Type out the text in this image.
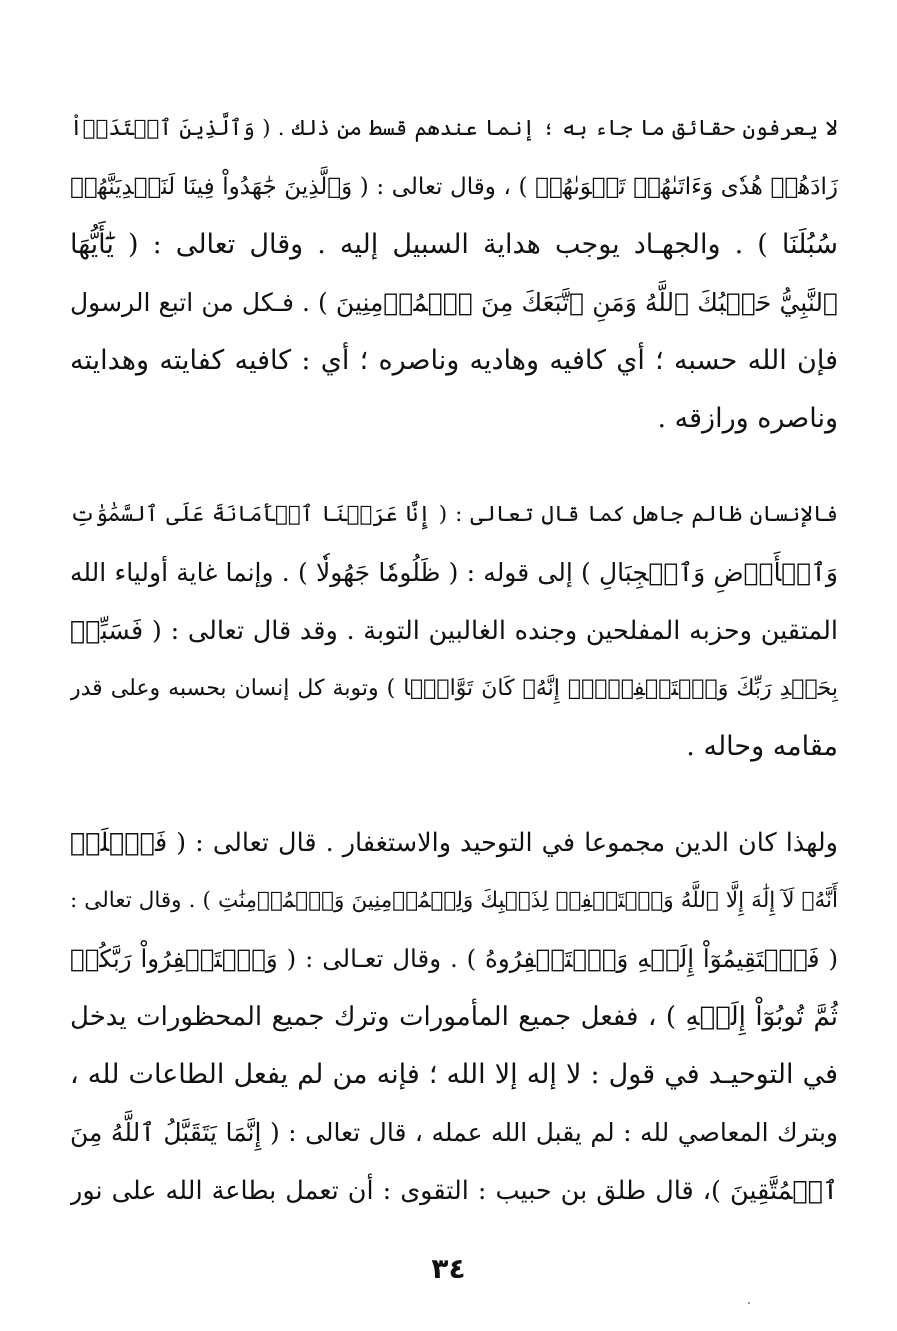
لا يعرفون حقائق ما جاء به ؛ إنما عندهم قسط من ذلك . ( وَٱلَّذِينَ ٱهۡتَدَوۡاْ
زَادَهُمۡ هُدٗى وَءَاتَىٰهُمۡ تَقۡوَىٰهُمۡ ) ، وقال تعالى : ( وَٱلَّذِينَ جَٰهَدُواْ فِينَا لَنَهۡدِيَنَّهُمۡ
سُبُلَنَا ) . والجهـاد يوجب هداية السبيل إليه . وقال تعالى : ( يَٰٓأَيُّهَا
ٱلنَّبِيُّ حَسۡبُكَ ٱللَّهُ وَمَنِ ٱتَّبَعَكَ مِنَ ٱلۡمُؤۡمِنِينَ ) . فـكل من اتبع الرسول
فإن الله حسبه ؛ أي كافيه وهاديه وناصره ؛ أي : كافيه كفايته وهدايته
وناصره ورازقه .
فالإنسان ظالم جاهل كما قال تعالى : ( إِنَّا عَرَضۡنَا ٱلۡأَمَانَةَ عَلَى ٱلسَّمَٰوَٰتِ
وَٱلۡأَرۡضِ وَٱلۡجِبَالِ ) إلى قوله : ( ظَلُومٗا جَهُولٗا ) . وإنما غاية أولياء الله
المتقين وحزبه المفلحين وجنده الغالبين التوبة . وقد قال تعالى : ( فَسَبِّحۡ
بِحَمۡدِ رَبِّكَ وَٱسۡتَغۡفِرۡهُۚ إِنَّهُۥ كَانَ تَوَّابَۢا ) وتوبة كل إنسان بحسبه وعلى قدر
مقامه وحاله .
ولهذا كان الدين مجموعا في التوحيد والاستغفار . قال تعالى : ( فَٱعۡلَمۡ
أَنَّهُۥ لَآ إِلَٰهَ إِلَّا ٱللَّهُ وَٱسۡتَغۡفِرۡ لِذَنۢبِكَ وَلِلۡمُؤۡمِنِينَ وَٱلۡمُؤۡمِنَٰتِ ) . وقال تعالى :
( فَٱسۡتَقِيمُوٓاْ إِلَيۡهِ وَٱسۡتَغۡفِرُوهُ ) . وقال تعـالى : ( وَٱسۡتَغۡفِرُواْ رَبَّكُمۡ
ثُمَّ تُوبُوٓاْ إِلَيۡهِ ) ، ففعل جميع المأمورات وترك جميع المحظورات يدخل
في التوحيـد في قول : لا إله إلا الله ؛ فإنه من لم يفعل الطاعات لله ،
وبترك المعاصي لله : لم يقبل الله عمله ، قال تعالى : ( إِنَّمَا يَتَقَبَّلُ ٱللَّهُ مِنَ
ٱلۡمُتَّقِينَ )، قال طلق بن حبيب : التقوى : أن تعمل بطاعة الله على نور
٣٤
